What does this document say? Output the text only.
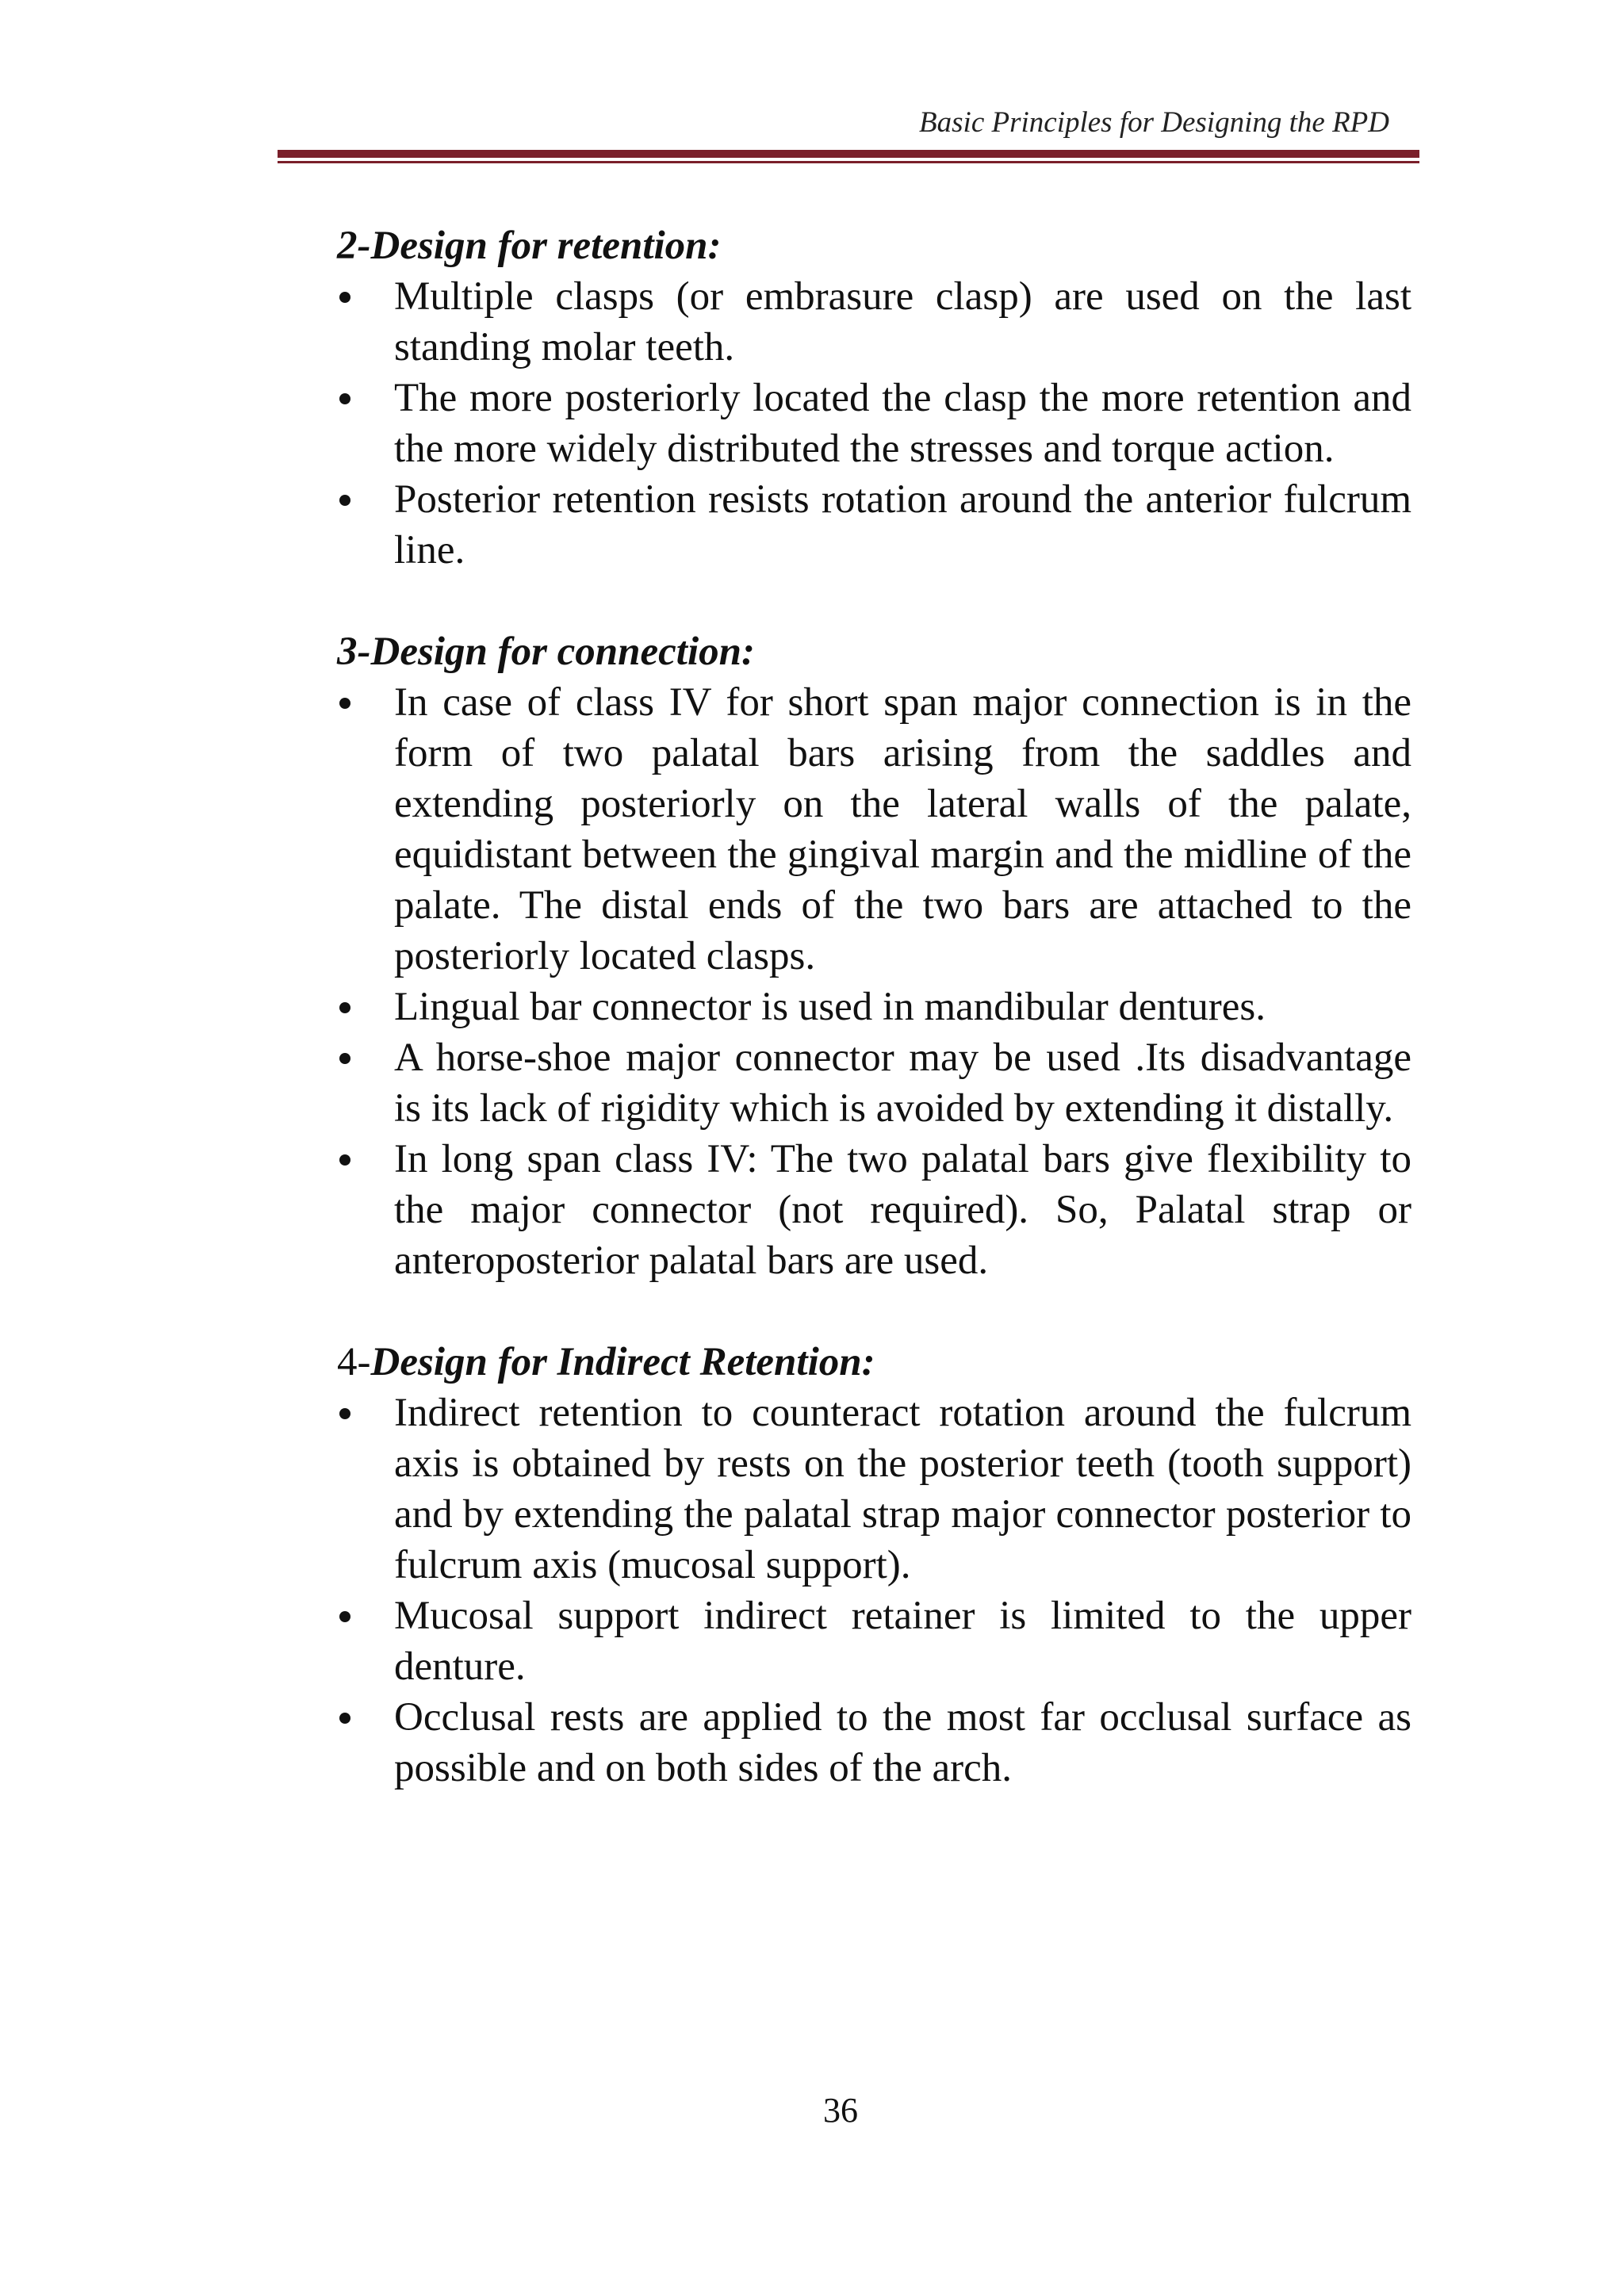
Basic Principles for Designing the RPD
2-Design for retention:
Multiple clasps (or embrasure clasp) are used on the last standing molar teeth.
The more posteriorly located the clasp the more retention and the more widely distributed the stresses and torque action.
Posterior retention resists rotation around the anterior fulcrum line.
3-Design for connection:
In case of class IV for short span major connection is in the form of two palatal bars arising from the saddles and extending posteriorly on the lateral walls of the palate, equidistant between the gingival margin and the midline of the palate. The distal ends of the two bars are attached to the posteriorly located clasps.
Lingual bar connector is used in mandibular dentures.
A horse-shoe major connector may be used .Its disadvantage is its lack of rigidity which is avoided by extending it distally.
In long span class IV: The two palatal bars give flexibility to the major connector (not required). So, Palatal strap or anteroposterior palatal bars are used.
4-Design for Indirect Retention:
Indirect retention to counteract rotation around the fulcrum axis is obtained by rests on the posterior teeth (tooth support) and by extending the palatal strap major connector posterior to fulcrum axis (mucosal support).
Mucosal support indirect retainer is limited to the upper denture.
Occlusal rests are applied to the most far occlusal surface as possible and on both sides of the arch.
36
